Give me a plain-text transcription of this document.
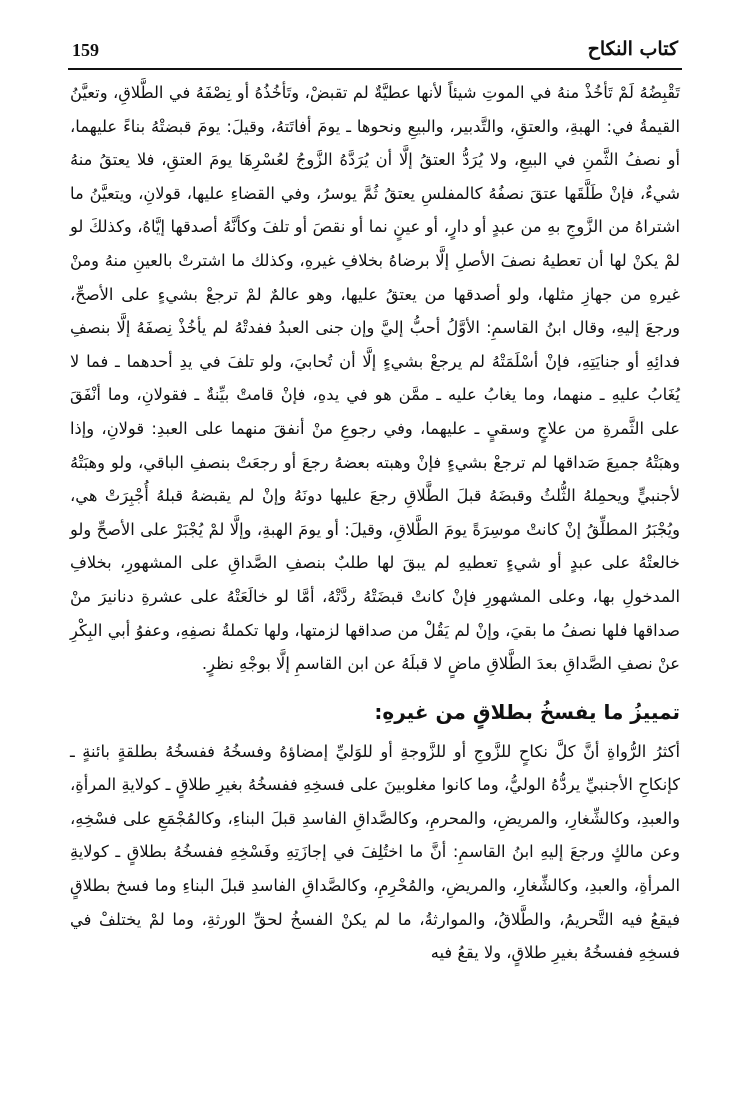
كتاب النكاح
159

تَقْبِضُهُ لَمْ تَأخُذْ منهُ في الموتِ شيئاً لأنها عطيَّةٌ لم تقبضْ، وتَأخُذُهُ أو نِصْفَهُ في الطَّلاقِ، وتعيَّنُ القيمةُ في: الهبةِ، والعتقِ، والتَّدبير، والبيعِ ونحوها ـ يومَ أفاتَتهُ، وقيلَ: يومَ قبضتْهُ بناءً عليهما، أو نصفُ الثَّمنِ في البيعِ، ولا يُرَدُّ العتقُ إلَّا أن يُرَدَّهُ الزَّوجُ لعُسْرِهَا يومَ العتقِ، فلا يعتقُ منهُ شيءٌ، فإنْ طَلَّقَها عتقَ نصفُهُ كالمفلسِ يعتقُ ثُمَّ يوسرُ، وفي القضاءِ عليها، قولانِ، ويتعيَّنُ ما اشتراهُ من الزَّوجِ بهِ من عبدٍ أو دارٍ، أو عينٍ نما أو نقصَ أو تلفَ وكأنَّهُ أصدقها إيَّاهُ، وكذلكَ لو لمْ يكنْ لها أن تعطيهُ نصفَ الأصلِ إلَّا برضاهُ بخلافِ غيرهِ، وكذلك ما اشترتْ بالعينِ منهُ ومنْ غيرهِ من جهازِ مثلها، ولو أصدقها من يعتقُ عليها، وهو عالمٌ لمْ ترجعْ بشيءٍ على الأصحِّ، ورجعَ إليهِ، وقال ابنُ القاسمِ: الأوَّلُ أحبُّ إليَّ وإن جنى العبدُ ففدتْهُ لم يأخُذْ نِصفَهُ إلَّا بنصفِ فدائِهِ أو جنايَتِهِ، فإنْ أسْلَمَتْهُ لم يرجعْ بشيءٍ إلَّا أن تُحابيَ، ولو تلفَ في يدِ أحدهما ـ فما لا يُغَابُ عليهِ ـ منهما، وما يغابُ عليه ـ ممَّن هو في يدهِ، فإنْ قامتْ بيِّنةٌ ـ فقولانِ، وما أنْفَقَ على الثَّمرةِ من علاجٍ وسقيٍ ـ عليهما، وفي رجوعِ منْ أنفقَ منهما على العبدِ: قولانِ، وإذا وهبَتْهُ جميعَ صَداقها لم ترجعْ بشيءٍ فإنْ وهبته بعضهُ رجعَ أو رجعَتْ بنصفِ الباقي، ولو وهبَتْهُ لأجنبيٍّ ويحمِلهُ الثُّلثُ وقبضَهُ قبلَ الطَّلاقِ رجعَ عليها دونَهُ وإنْ لم يقبضهُ قبلهُ أُجْبِرَتْ هي، ويُجْبَرُ المطلِّقُ إنْ كانتْ موسِرَةً يومَ الطَّلاقِ، وقيلَ: أو يومَ الهبةِ، وإلَّا لمْ يُجْبَرْ على الأصحِّ ولو خالعتْهُ على عبدٍ أو شيءٍ تعطيهِ لم يبقَ لها طلبٌ بنصفِ الصَّداقِ على المشهورِ، بخلافِ المدخولِ بها، وعلى المشهورِ فإنْ كانتْ قبضَتْهُ ردَّتْهُ، أمَّا لو خالَعَتْهُ على عشرةِ دنانيرَ منْ صداقها فلها نصفُ ما بقيَ، وإنْ لم يَقُلْ من صداقها لزمتها، ولها تكملةُ نصفِهِ، وعفوُ أبي البِكْرِ عنْ نصفِ الصَّداقِ بعدَ الطَّلاقِ ماضٍ لا قبلَهُ عن ابن القاسمِ إلَّا بوجْهِ نظرٍ.

تمييزُ ما يفسخُ بطلاقٍ من غيرهِ:

أكثرُ الرُّواةِ أنَّ كلَّ نكاحٍ للزَّوجِ أو للزَّوجةِ أو للوَليِّ إمضاؤهُ وفسخُهُ ففسخُهُ بطلقةٍ بائنةٍ ـ كإنكاحِ الأجنبيِّ يردُّهُ الوليُّ، وما كانوا مغلوبينَ على فسخِهِ ففسخُهُ بغيرِ طلاقٍ ـ كولايةِ المرأةِ، والعبدِ، وكالشِّغارِ، والمريضِ، والمحرمِ، وكالصَّداقِ الفاسدِ قبلَ البناءِ، وكالمُجْمَعِ على فسْخِهِ، وعن مالكٍ ورجعَ إليهِ ابنُ القاسمِ: أنَّ ما اختُلِفَ في إجازَتِهِ وفَسْخِهِ ففسخُهُ بطلاقٍ ـ كولايةِ المرأةِ، والعبدِ، وكالشِّغارِ، والمريضِ، والمُحْرِمِ، وكالصَّداقِ الفاسدِ قبلَ البناءِ وما فسخ بطلاقٍ فيقعُ فيه التَّحريمُ، والطَّلاقُ، والموارثةُ، ما لم يكنْ الفسخُ لحقِّ الورثةِ، وما لمْ يختلفْ في فسخِهِ ففسخُهُ بغيرِ طلاقٍ، ولا يقعُ فيه
